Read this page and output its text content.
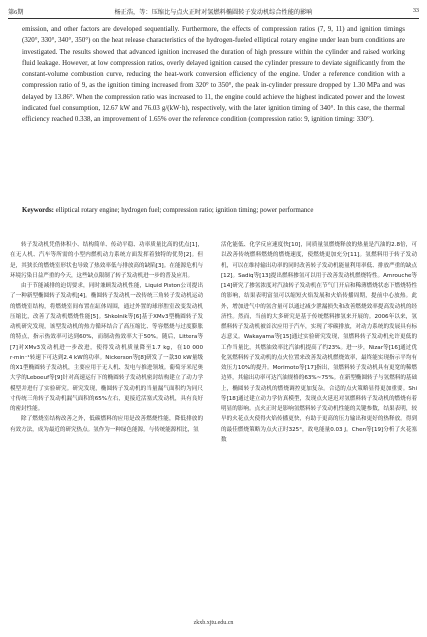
第6期	杨正浩，等：压缩比与点火正时对氢燃料椭圆转子发动机综合性能的影响	33
emission, and other factors are developed sequentially. Furthermore, the effects of compression ratios (7, 9, 11) and ignition timings (320°, 330°, 340°, 350°) on the heat release characteristics of the hydrogen-fueled elliptical rotary engine under lean burn conditions are investigated. The results showed that advanced ignition increased the duration of high pressure within the cylinder and raised working fluid leakage. However, at low compression ratios, overly delayed ignition caused the cylinder pressure to deviate significantly from the constant-volume combustion curve, reducing the heat-work conversion efficiency of the engine. Under a reference condition with a compression ratio of 9, as the ignition timing increased from 320° to 350°, the peak in-cylinder pressure dropped by 1.30 MPa and was delayed by 13.86°. When the compression ratio was increased to 11, the engine could achieve the highest indicated power and the lowest indicated fuel consumption, 12.67 kW and 76.03 g/(kW·h), respectively, with the later ignition timing of 340°. In this case, the thermal efficiency reached 0.338, an improvement of 1.65% over the reference condition (compression ratio: 9, ignition timing: 330°).
Keywords: elliptical rotary engine; hydrogen fuel; compression ratio; ignition timing; power performance

转子发动机凭借体积小、结构简单、传动平稳、功率质量比高的优点[1]，在无人机、汽车等所需的小型内燃机动力系统方面发挥着独特的优势[2]。但是，其狭长的燃烧室形状也导致了热效率低与排放高的缺陷[3]。在能源危机与环境污染日益严重的今天，这些缺点限制了转子发动机进一步的普及应用。

由于节能减排的迫切要求，同时兼顾发动机性能，Liquid Piston公司提出了一种新型椭圆转子发动机[4]。椭圆转子发动机一改传统三角转子发动机运动的燃烧室结构，将燃烧室间布置在缸体周围，通过外置的球形腔室改变发动机压缩比，改善了发动机燃烧性能[5]。Shkolnik等[6]基于XMv3型椭圆转子发动机研究发现，该型发动机的热力循环结合了高压缩比、等容燃烧与过度膨胀的特点，指示热效率可达到60%，而制动热效率大于50%。随后，Littera等[7]对XMv3发动机进一步改进，使得发动机质量降至1.7 kg，在10 000 r·min⁻¹转速下可达到2.4 kW的功率。Nickerson等[8]研发了一款30 kW量级的X1型椭圆转子发动机，主要应用于无人机、发电与推进领域。葡萄牙米尼奥大学的Leboeuf等[9]针对高速运行下的椭圆转子发动机密封结构建立了动力学模型并进行了实验研究。研究发现，椭圆转子发动机的当量漏气面积约为同尺寸传统三角转子发动机漏气面积的65%左右，更接近活塞式发动机，具有良好的密封性能。

除了燃烧室结构改善之外，低碳燃料的应用是改善燃烧性能，降低排放的有效方法，成为最近的研究热点。氢作为一种绿色能源，与传统能源相比，氢

活化能低、化学反应速度快[10]，同质量氢燃烧释放的热量是汽油的2.8倍，可以改善传统燃料燃烧的燃烧速度，使燃烧更加充分[11]。氢燃料用于转子发动机，可以在维持输出功率的同时改善转子发动机能量利用率低、排放严重的缺点[12]。Sadiq等[13]提出燃料掺氢可以用于改善发动机燃烧特性。Amrouche等[14]研究了掺氢浓度对汽油转子发动机在节气门开启和稀薄燃烧状态下燃烧特性的影响，结果表明富氢可以缩短火焰发展和火焰传播周期，提前中心放热。此外，增加进气中的氢含量可以通过减少泄漏损失和改善燃烧效率提高发动机的经济性。然而，当前的大多研究是基于传统燃料掺氢来开展的。2006年以来，氢燃料转子发动机被首次应用于汽车，实现了零碳排放，对动力系统的发展具有标志意义。Wakayama等[15]通过实验研究发现，氢燃料转子发动机允许更低的工作当量比，其燃油效率比汽油机提高了约23%。进一步，Nizar等[16]通过优化氢燃料转子发动机的点火位置来改善发动机燃烧效率，最终能实现指示平均有效压力10%的提升。Morimoto等[17]指出，氢燃料转子发动机具有更宽的稀燃边界，其输出功率可达汽油规格的63%~75%。在新型椭圆转子与氢燃料的基础上，椭圆转子发动机的燃烧调控更加复杂。合适的点火策略显得更加重要。Shi等[18]通过建立动力学仿真模型，发现点火延迟对氢燃料转子发动机的燃烧有着明显的影响。点火正时是影响氢燃料转子发动机性能的关键参数，结果表明，较早的火花点火使得火焰传播更快，有助于更高的压力输出和更好的热释放。得到的最佳燃烧策略为点火正时325°，故电能量0.03 J。Chen等[19]分析了火花塞数

zkxb.xjtu.edu.cn
